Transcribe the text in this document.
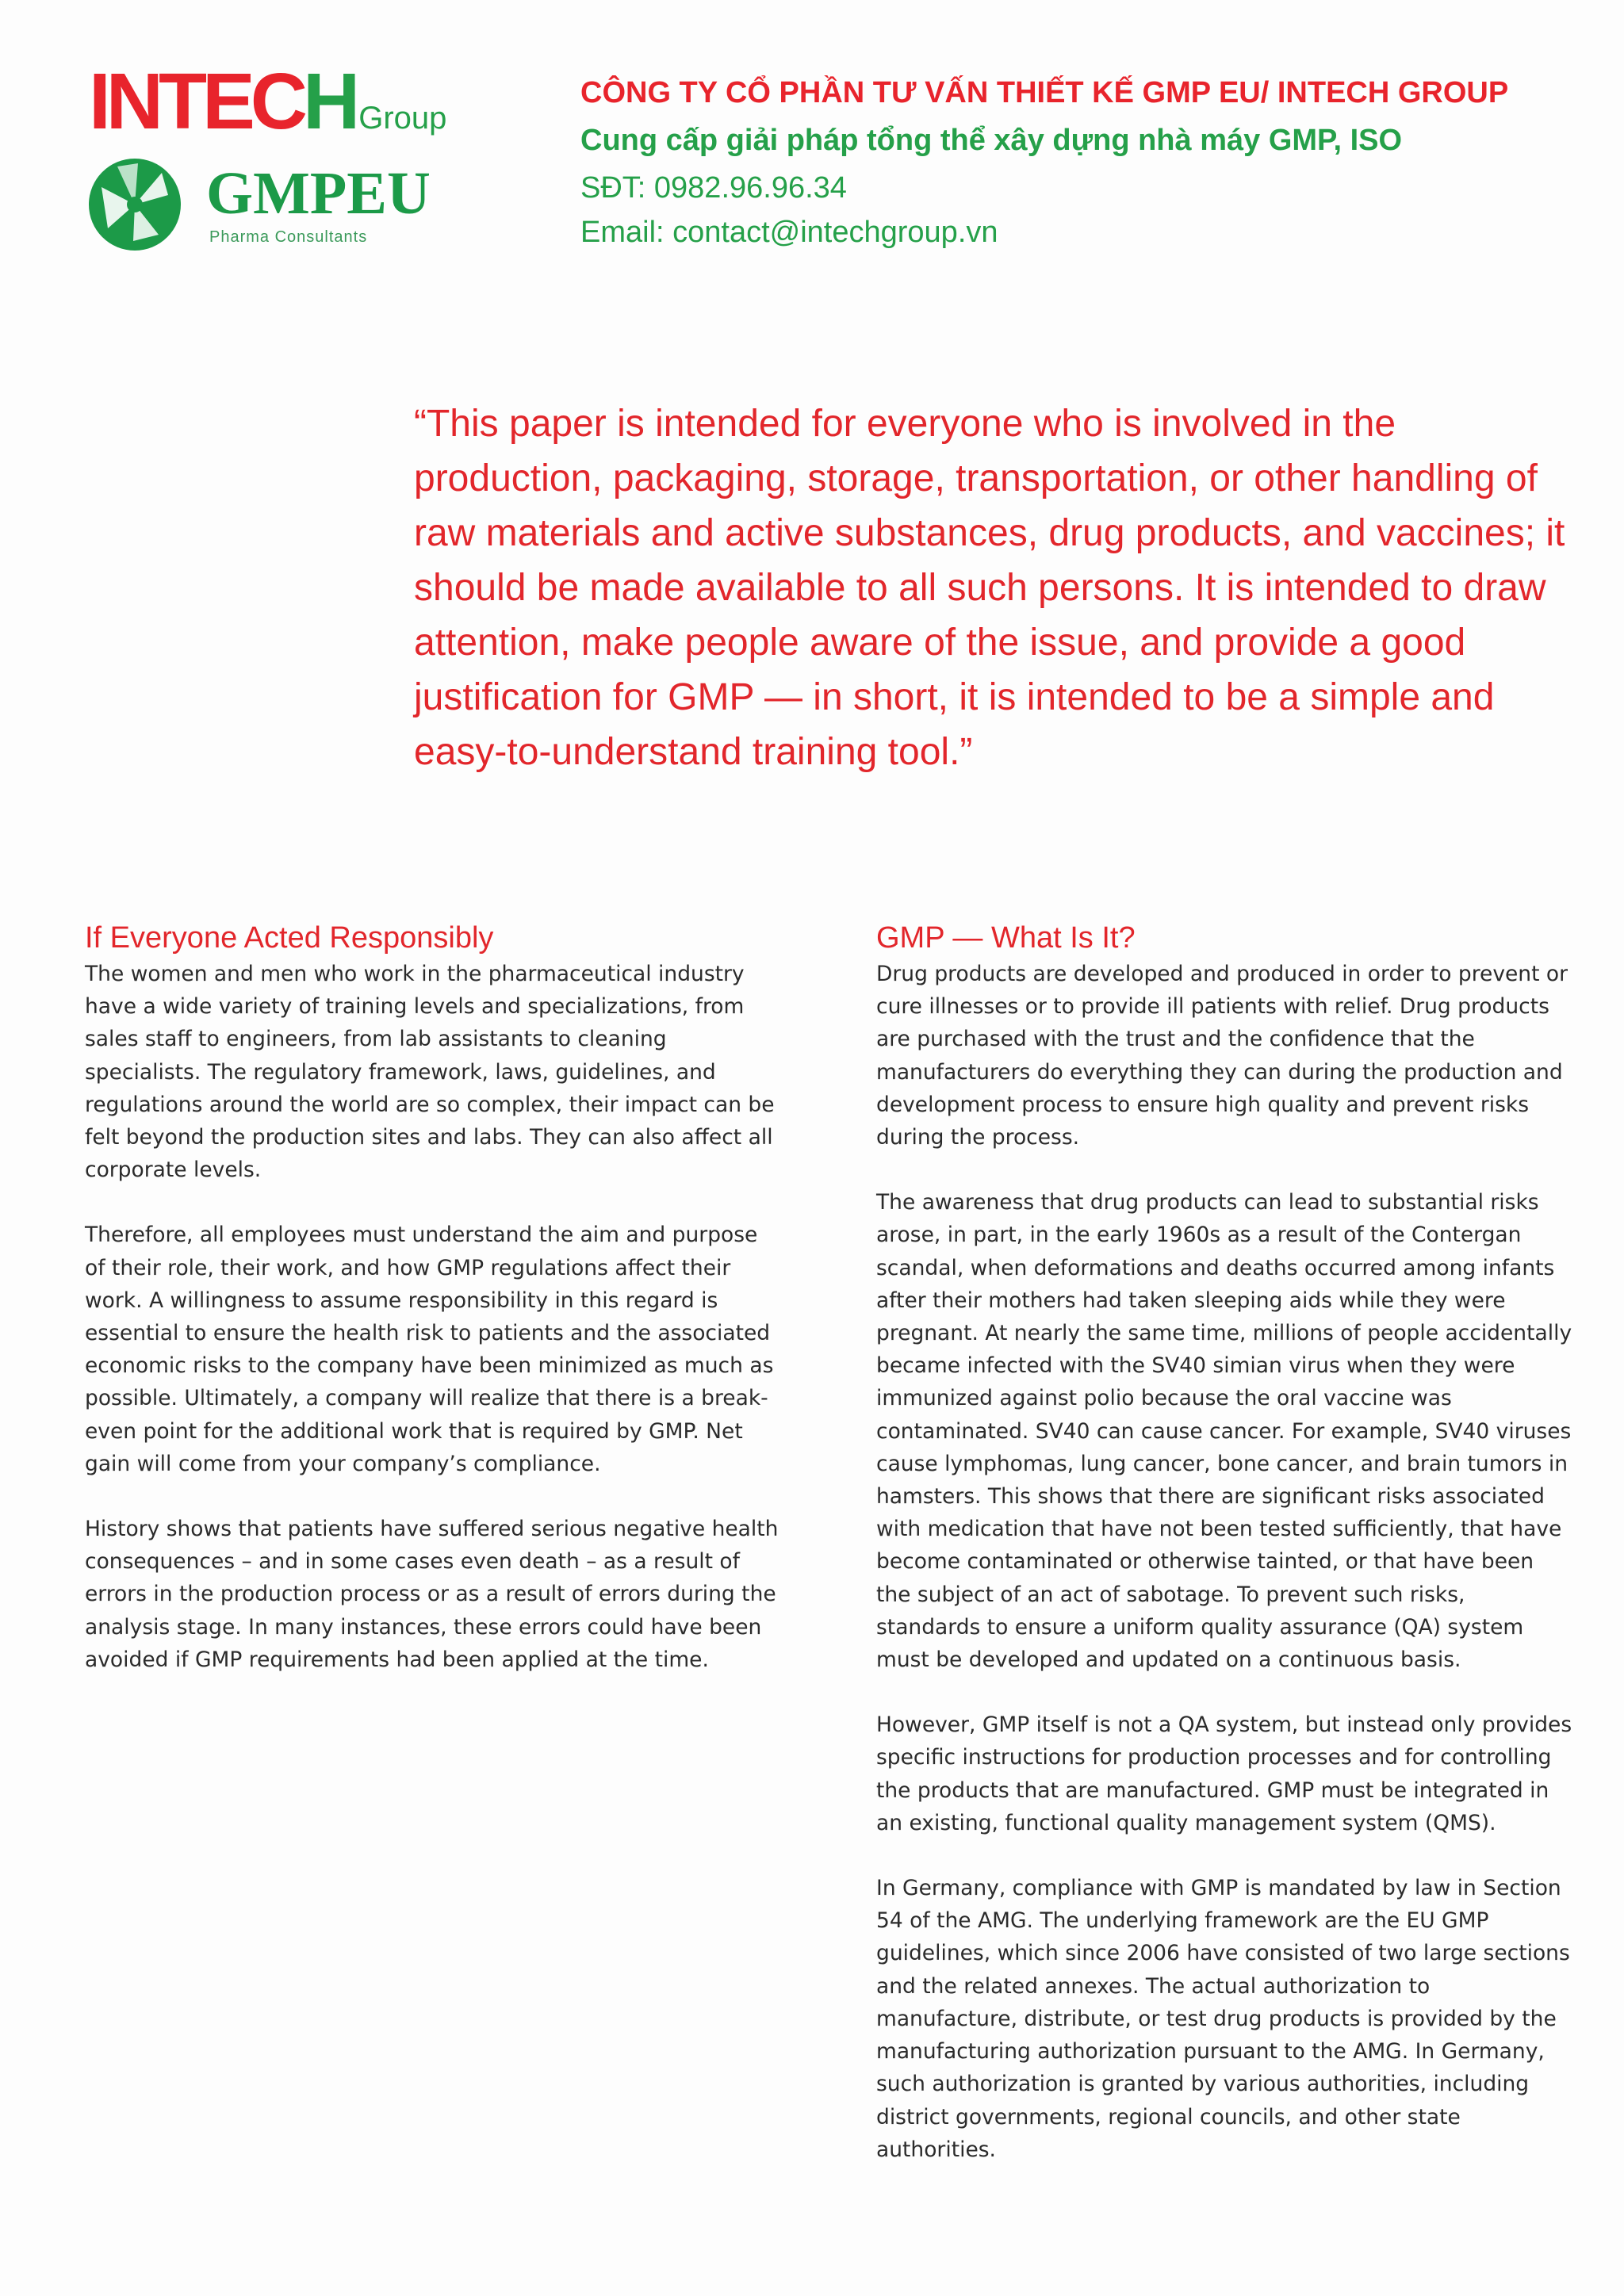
INTECH Group
GMPEU
Pharma Consultants
CÔNG TY CỔ PHẦN TƯ VẤN THIẾT KẾ GMP EU/ INTECH GROUP
Cung cấp giải pháp tổng thể xây dựng nhà máy GMP, ISO
SĐT: 0982.96.96.34
Email: contact@intechgroup.vn

“This paper is intended for everyone who is involved in the production, packaging, storage, transportation, or other handling of raw materials and active substances, drug products, and vaccines; it should be made available to all such persons. It is intended to draw attention, make people aware of the issue, and provide a good justification for GMP — in short, it is intended to be a simple and easy-to-understand training tool.”

If Everyone Acted Responsibly

The women and men who work in the pharmaceutical industry have a wide variety of training levels and specializations, from sales staff to engineers, from lab assistants to cleaning specialists. The regulatory framework, laws, guidelines, and regulations around the world are so complex, their impact can be felt beyond the production sites and labs. They can also affect all corporate levels.

Therefore, all employees must understand the aim and purpose of their role, their work, and how GMP regulations affect their work. A willingness to assume responsibility in this regard is essential to ensure the health risk to patients and the associated economic risks to the company have been minimized as much as possible. Ultimately, a company will realize that there is a break-even point for the additional work that is required by GMP. Net gain will come from your company’s compliance.

History shows that patients have suffered serious negative health consequences – and in some cases even death – as a result of errors in the production process or as a result of errors during the analysis stage. In many instances, these errors could have been avoided if GMP requirements had been applied at the time.

GMP — What Is It?

Drug products are developed and produced in order to prevent or cure illnesses or to provide ill patients with relief. Drug products are purchased with the trust and the confidence that the manufacturers do everything they can during the production and development process to ensure high quality and prevent risks during the process.

The awareness that drug products can lead to substantial risks arose, in part, in the early 1960s as a result of the Contergan scandal, when deformations and deaths occurred among infants after their mothers had taken sleeping aids while they were pregnant. At nearly the same time, millions of people accidentally became infected with the SV40 simian virus when they were immunized against polio because the oral vaccine was contaminated. SV40 can cause cancer. For example, SV40 viruses cause lymphomas, lung cancer, bone cancer, and brain tumors in hamsters. This shows that there are significant risks associated with medication that have not been tested sufficiently, that have become contaminated or otherwise tainted, or that have been the subject of an act of sabotage. To prevent such risks, standards to ensure a uniform quality assurance (QA) system must be developed and updated on a continuous basis.

However, GMP itself is not a QA system, but instead only provides specific instructions for production processes and for controlling the products that are manufactured. GMP must be integrated in an existing, functional quality management system (QMS).

In Germany, compliance with GMP is mandated by law in Section 54 of the AMG. The underlying framework are the EU GMP guidelines, which since 2006 have consisted of two large sections and the related annexes. The actual authorization to manufacture, distribute, or test drug products is provided by the manufacturing authorization pursuant to the AMG. In Germany, such authorization is granted by various authorities, including district governments, regional councils, and other state authorities.
